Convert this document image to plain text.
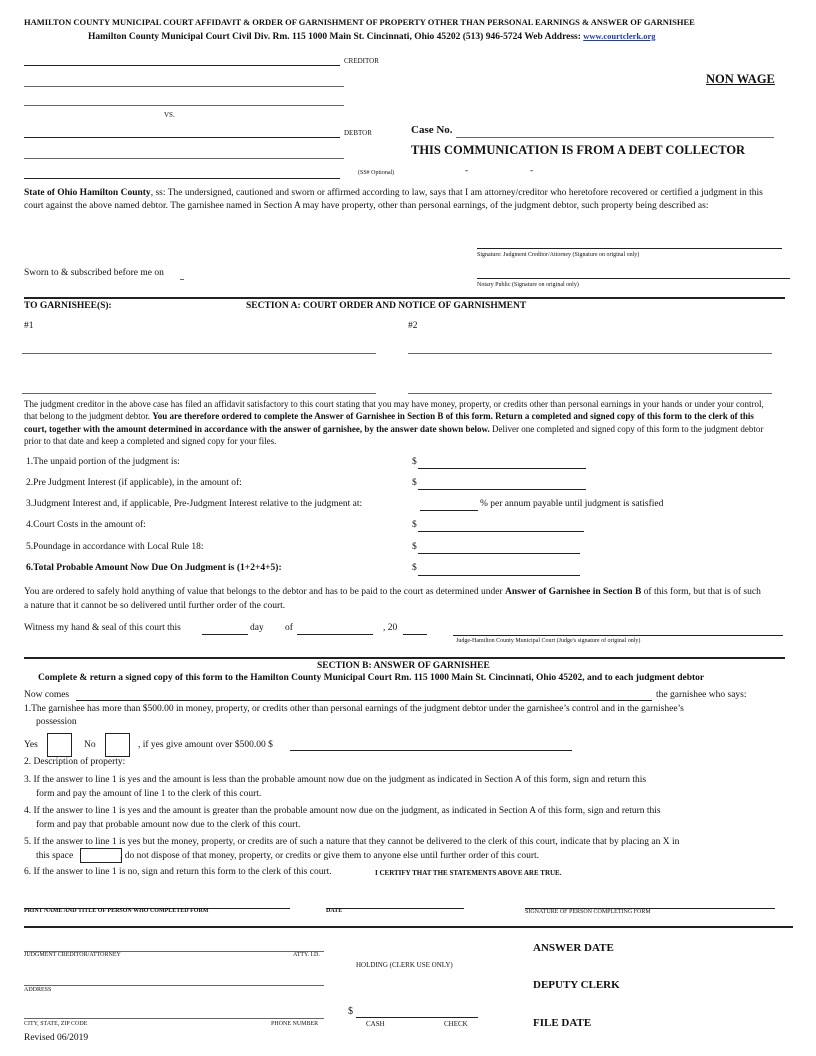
HAMILTON COUNTY MUNICIPAL COURT AFFIDAVIT & ORDER OF GARNISHMENT OF PROPERTY OTHER THAN PERSONAL EARNINGS & ANSWER OF GARNISHEE
Hamilton County Municipal Court Civil Div. Rm. 115 1000 Main St. Cincinnati, Ohio 45202 (513) 946-5724 Web Address: www.courtclerk.org
CREDITOR
VS.
DEBTOR
(SS# Optional)	-	-
NON WAGE
Case No.
THIS COMMUNICATION IS FROM A DEBT COLLECTOR
State of Ohio Hamilton County, ss: The undersigned, cautioned and sworn or affirmed according to law, says that I am attorney/creditor who heretofore recovered or certified a judgment in this court against the above named debtor. The garnishee named in Section A may have property, other than personal earnings, of the judgment debtor, such property being described as:
Signature: Judgment Creditor/Attorney (Signature on original only)
Sworn to & subscribed before me on
Notary Public (Signature on original only)
TO GARNISHEE(S):	SECTION A: COURT ORDER AND NOTICE OF GARNISHMENT
#1	#2
The judgment creditor in the above case has filed an affidavit satisfactory to this court stating that you may have money, property, or credits other than personal earnings in your hands or under your control, that belong to the judgment debtor. You are therefore ordered to complete the Answer of Garnishee in Section B of this form. Return a completed and signed copy of this form to the clerk of this court, together with the amount determined in accordance with the answer of garnishee, by the answer date shown below. Deliver one completed and signed copy of this form to the judgment debtor prior to that date and keep a completed and signed copy for your files.
1.The unpaid portion of the judgment is:	$
2.Pre Judgment Interest (if applicable), in the amount of:	$
3.Judgment Interest and, if applicable, Pre-Judgment Interest relative to the judgment at:	% per annum payable until judgment is satisfied
4.Court Costs in the amount of:	$
5.Poundage in accordance with Local Rule 18:	$
6.Total Probable Amount Now Due On Judgment is (1+2+4+5):	$
You are ordered to safely hold anything of value that belongs to the debtor and has to be paid to the court as determined under Answer of Garnishee in Section B of this form, but that is of such a nature that it cannot be so delivered until further order of the court.
Witness my hand & seal of this court this	day of	, 20
Judge-Hamilton County Municipal Court (Judge's signature of original only)
SECTION B: ANSWER OF GARNISHEE
Complete & return a signed copy of this form to the Hamilton County Municipal Court Rm. 115 1000 Main St. Cincinnati, Ohio 45202, and to each judgment debtor
Now comes	the garnishee who says:
1.The garnishee has more than $500.00 in money, property, or credits other than personal earnings of the judgment debtor under the garnishee’s control and in the garnishee’s
possession
Yes	No	, if yes give amount over $500.00 $
2. Description of property:
3. If the answer to line 1 is yes and the amount is less than the probable amount now due on the judgment as indicated in Section A of this form, sign and return this
form and pay the amount of line 1 to the clerk of this court.
4. If the answer to line 1 is yes and the amount is greater than the probable amount now due on the judgment, as indicated in Section A of this form, sign and return this
form and pay that probable amount now due to the clerk of this court.
5. If the answer to line 1 is yes but the money, property, or credits are of such a nature that they cannot be delivered to the clerk of this court, indicate that by placing an X in
this space	, do not dispose of that money, property, or credits or give them to anyone else until further order of this court.
6. If the answer to line 1 is no, sign and return this form to the clerk of this court.	I CERTIFY THAT THE STATEMENTS ABOVE ARE TRUE.
PRINT NAME AND TITLE OF PERSON WHO COMPLETED FORM	DATE	SIGNATURE OF PERSON COMPLETING FORM
JUDGMENT CREDITOR/ATTORNEY	ATTY. I.D.
ADDRESS
CITY, STATE, ZIP CODE	PHONE NUMBER
Revised 06/2019
HOLDING (CLERK USE ONLY)
$
CASH	CHECK
ANSWER DATE
DEPUTY CLERK
FILE DATE
